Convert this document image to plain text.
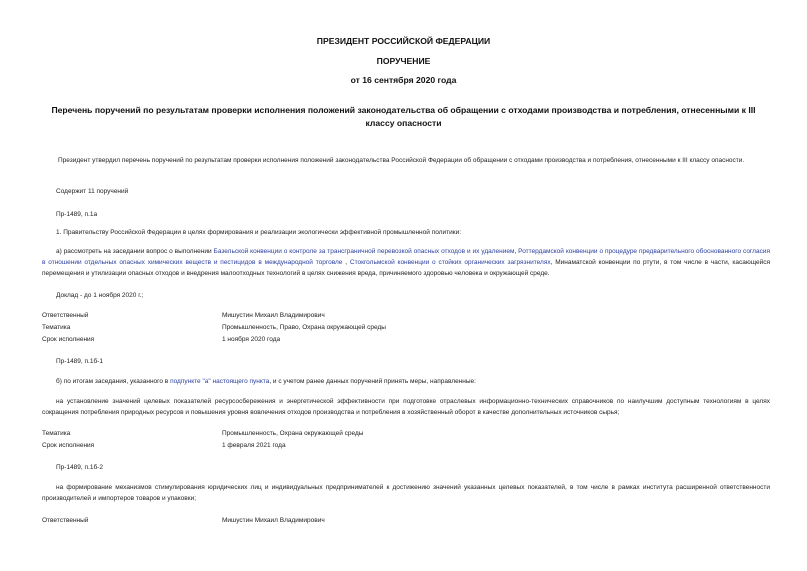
ПРЕЗИДЕНТ РОССИЙСКОЙ ФЕДЕРАЦИИ
ПОРУЧЕНИЕ
от 16 сентября 2020 года
Перечень поручений по результатам проверки исполнения положений законодательства об обращении с отходами производства и потребления, отнесенными к III классу опасности
Президент утвердил перечень поручений по результатам проверки исполнения положений законодательства Российской Федерации об обращении с отходами производства и потребления, отнесенными к III классу опасности.
Содержит 11 поручений
Пр-1489, п.1а
1. Правительству Российской Федерации в целях формирования и реализации экологически эффективной промышленной политики:
а) рассмотреть на заседании вопрос о выполнении Базельской конвенции о контроле за трансграничной перевозкой опасных отходов и их удалением, Роттердамской конвенции о процедуре предварительного обоснованного согласия в отношении отдельных опасных химических веществ и пестицидов в международной торговле , Стокгольмской конвенции о стойких органических загрязнителях, Минаматской конвенции по ртути, в том числе в части, касающейся перемещения и утилизации опасных отходов и внедрения малоотходных технологий в целях снижения вреда, причиняемого здоровью человека и окружающей среде.
Доклад - до 1 ноября 2020 г.;
Ответственный	Мишустин Михаил Владимирович
Тематика	Промышленность, Право, Охрана окружающей среды
Срок исполнения	1 ноября 2020 года
Пр-1489, п.1б-1
б) по итогам заседания, указанного в подпункте "а" настоящего пункта, и с учетом ранее данных поручений принять меры, направленные:
на установление значений целевых показателей ресурсосбережения и энергетической эффективности при подготовке отраслевых информационно-технических справочников по наилучшим доступным технологиям в целях сокращения потребления природных ресурсов и повышения уровня вовлечения отходов производства и потребления в хозяйственный оборот в качестве дополнительных источников сырья;
Тематика	Промышленность, Охрана окружающей среды
Срок исполнения	1 февраля 2021 года
Пр-1489, п.1б-2
на формирование механизмов стимулирования юридических лиц и индивидуальных предпринимателей к достижению значений указанных целевых показателей, в том числе в рамках института расширенной ответственности производителей и импортеров товаров и упаковки;
Ответственный	Мишустин Михаил Владимирович
